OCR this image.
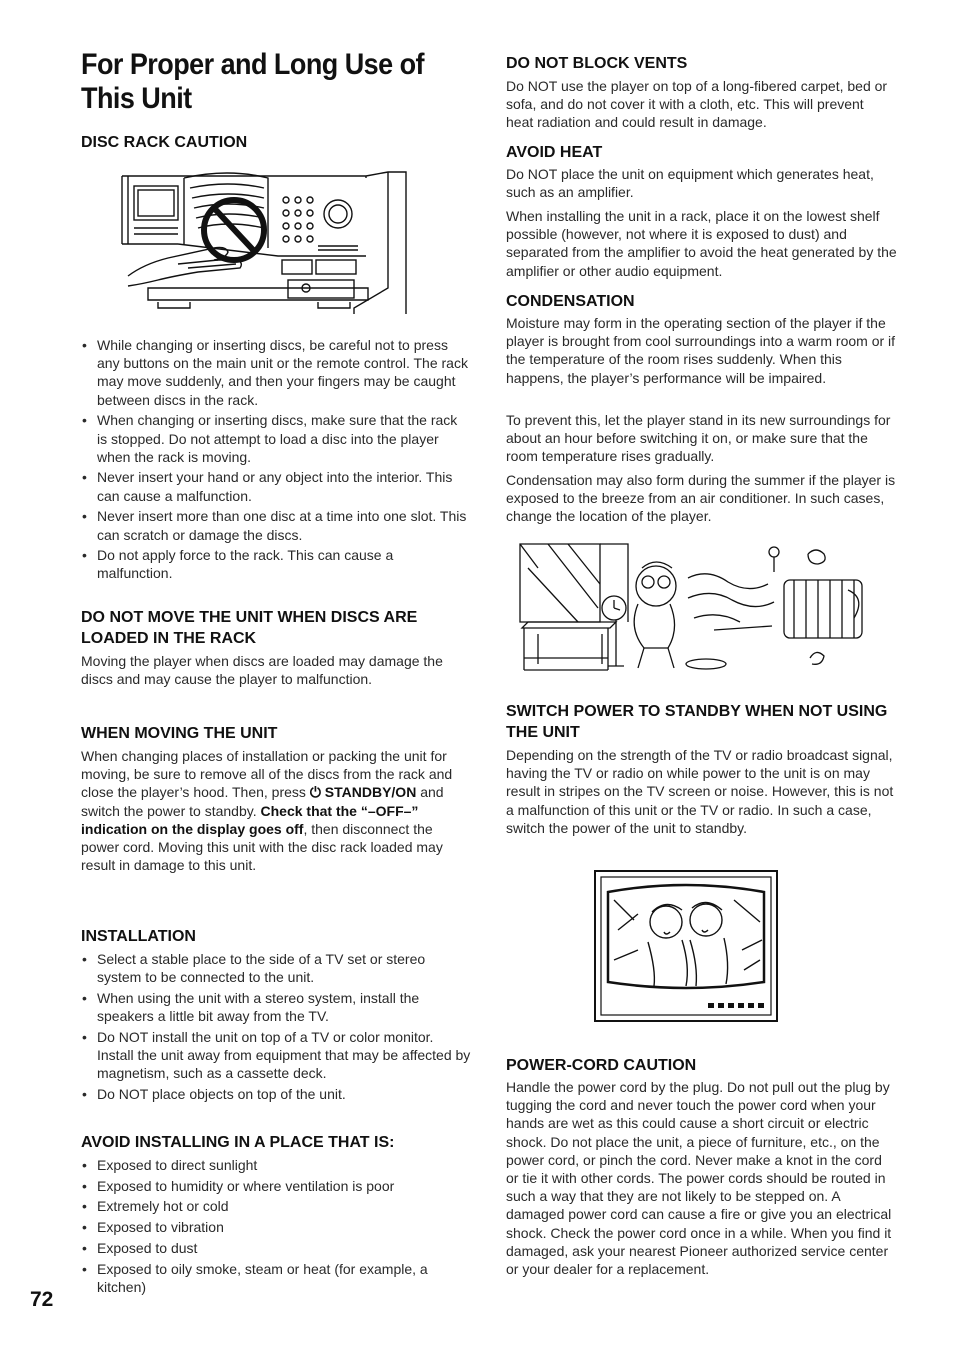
For Proper and Long Use of This Unit
DISC RACK CAUTION
• While changing or inserting discs, be careful not to press any buttons on the main unit or the remote control. The rack may move suddenly, and then your fingers may be caught between discs in the rack.
• When changing or inserting discs, make sure that the rack is stopped. Do not attempt to load a disc into the player when the rack is moving.
• Never insert your hand or any object into the interior. This can cause a malfunction.
• Never insert more than one disc at a time into one slot. This can scratch or damage the discs.
• Do not apply force to the rack. This can cause a malfunction.
DO NOT MOVE THE UNIT WHEN DISCS ARE LOADED IN THE RACK

Moving the player when discs are loaded may damage the discs and may cause the player to malfunction.

WHEN MOVING THE UNIT

When changing places of installation or packing the unit for moving, be sure to remove all of the discs from the rack and close the player’s hood. Then, press ⏻ STANDBY/ON and switch the power to standby. Check that the “–OFF–” indication on the display goes off, then disconnect the power cord. Moving this unit with the disc rack loaded may result in damage to this unit.

INSTALLATION
• Select a stable place to the side of a TV set or stereo system to be connected to the unit.
• When using the unit with a stereo system, install the speakers a little bit away from the TV.
• Do NOT install the unit on top of a TV or color monitor. Install the unit away from equipment that may be affected by magnetism, such as a cassette deck.
• Do NOT place objects on top of the unit.
AVOID INSTALLING IN A PLACE THAT IS:
• Exposed to direct sunlight
• Exposed to humidity or where ventilation is poor
• Extremely hot or cold
• Exposed to vibration
• Exposed to dust
• Exposed to oily smoke, steam or heat (for example, a kitchen)

72

DO NOT BLOCK VENTS

Do NOT use the player on top of a long-fibered carpet, bed or sofa, and do not cover it with a cloth, etc. This will prevent heat radiation and could result in damage.

AVOID HEAT

Do NOT place the unit on equipment which generates heat, such as an amplifier.

When installing the unit in a rack, place it on the lowest shelf possible (however, not where it is exposed to dust) and separated from the amplifier to avoid the heat generated by the amplifier or other audio equipment.

CONDENSATION

Moisture may form in the operating section of the player if the player is brought from cool surroundings into a warm room or if the temperature of the room rises suddenly. When this happens, the player’s performance will be impaired.

To prevent this, let the player stand in its new surroundings for about an hour before switching it on, or make sure that the room temperature rises gradually.

Condensation may also form during the summer if the player is exposed to the breeze from an air conditioner. In such cases, change the location of the player.

SWITCH POWER TO STANDBY WHEN NOT USING THE UNIT

Depending on the strength of the TV or radio broadcast signal, having the TV or radio on while power to the unit is on may result in stripes on the TV screen or noise. However, this is not a malfunction of this unit or the TV or radio. In such a case, switch the power of the unit to standby.

POWER-CORD CAUTION

Handle the power cord by the plug. Do not pull out the plug by tugging the cord and never touch the power cord when your hands are wet as this could cause a short circuit or electric shock. Do not place the unit, a piece of furniture, etc., on the power cord, or pinch the cord. Never make a knot in the cord or tie it with other cords. The power cords should be routed in such a way that they are not likely to be stepped on. A damaged power cord can cause a fire or give you an electrical shock. Check the power cord once in a while. When you find it damaged, ask your nearest Pioneer authorized service center or your dealer for a replacement.
